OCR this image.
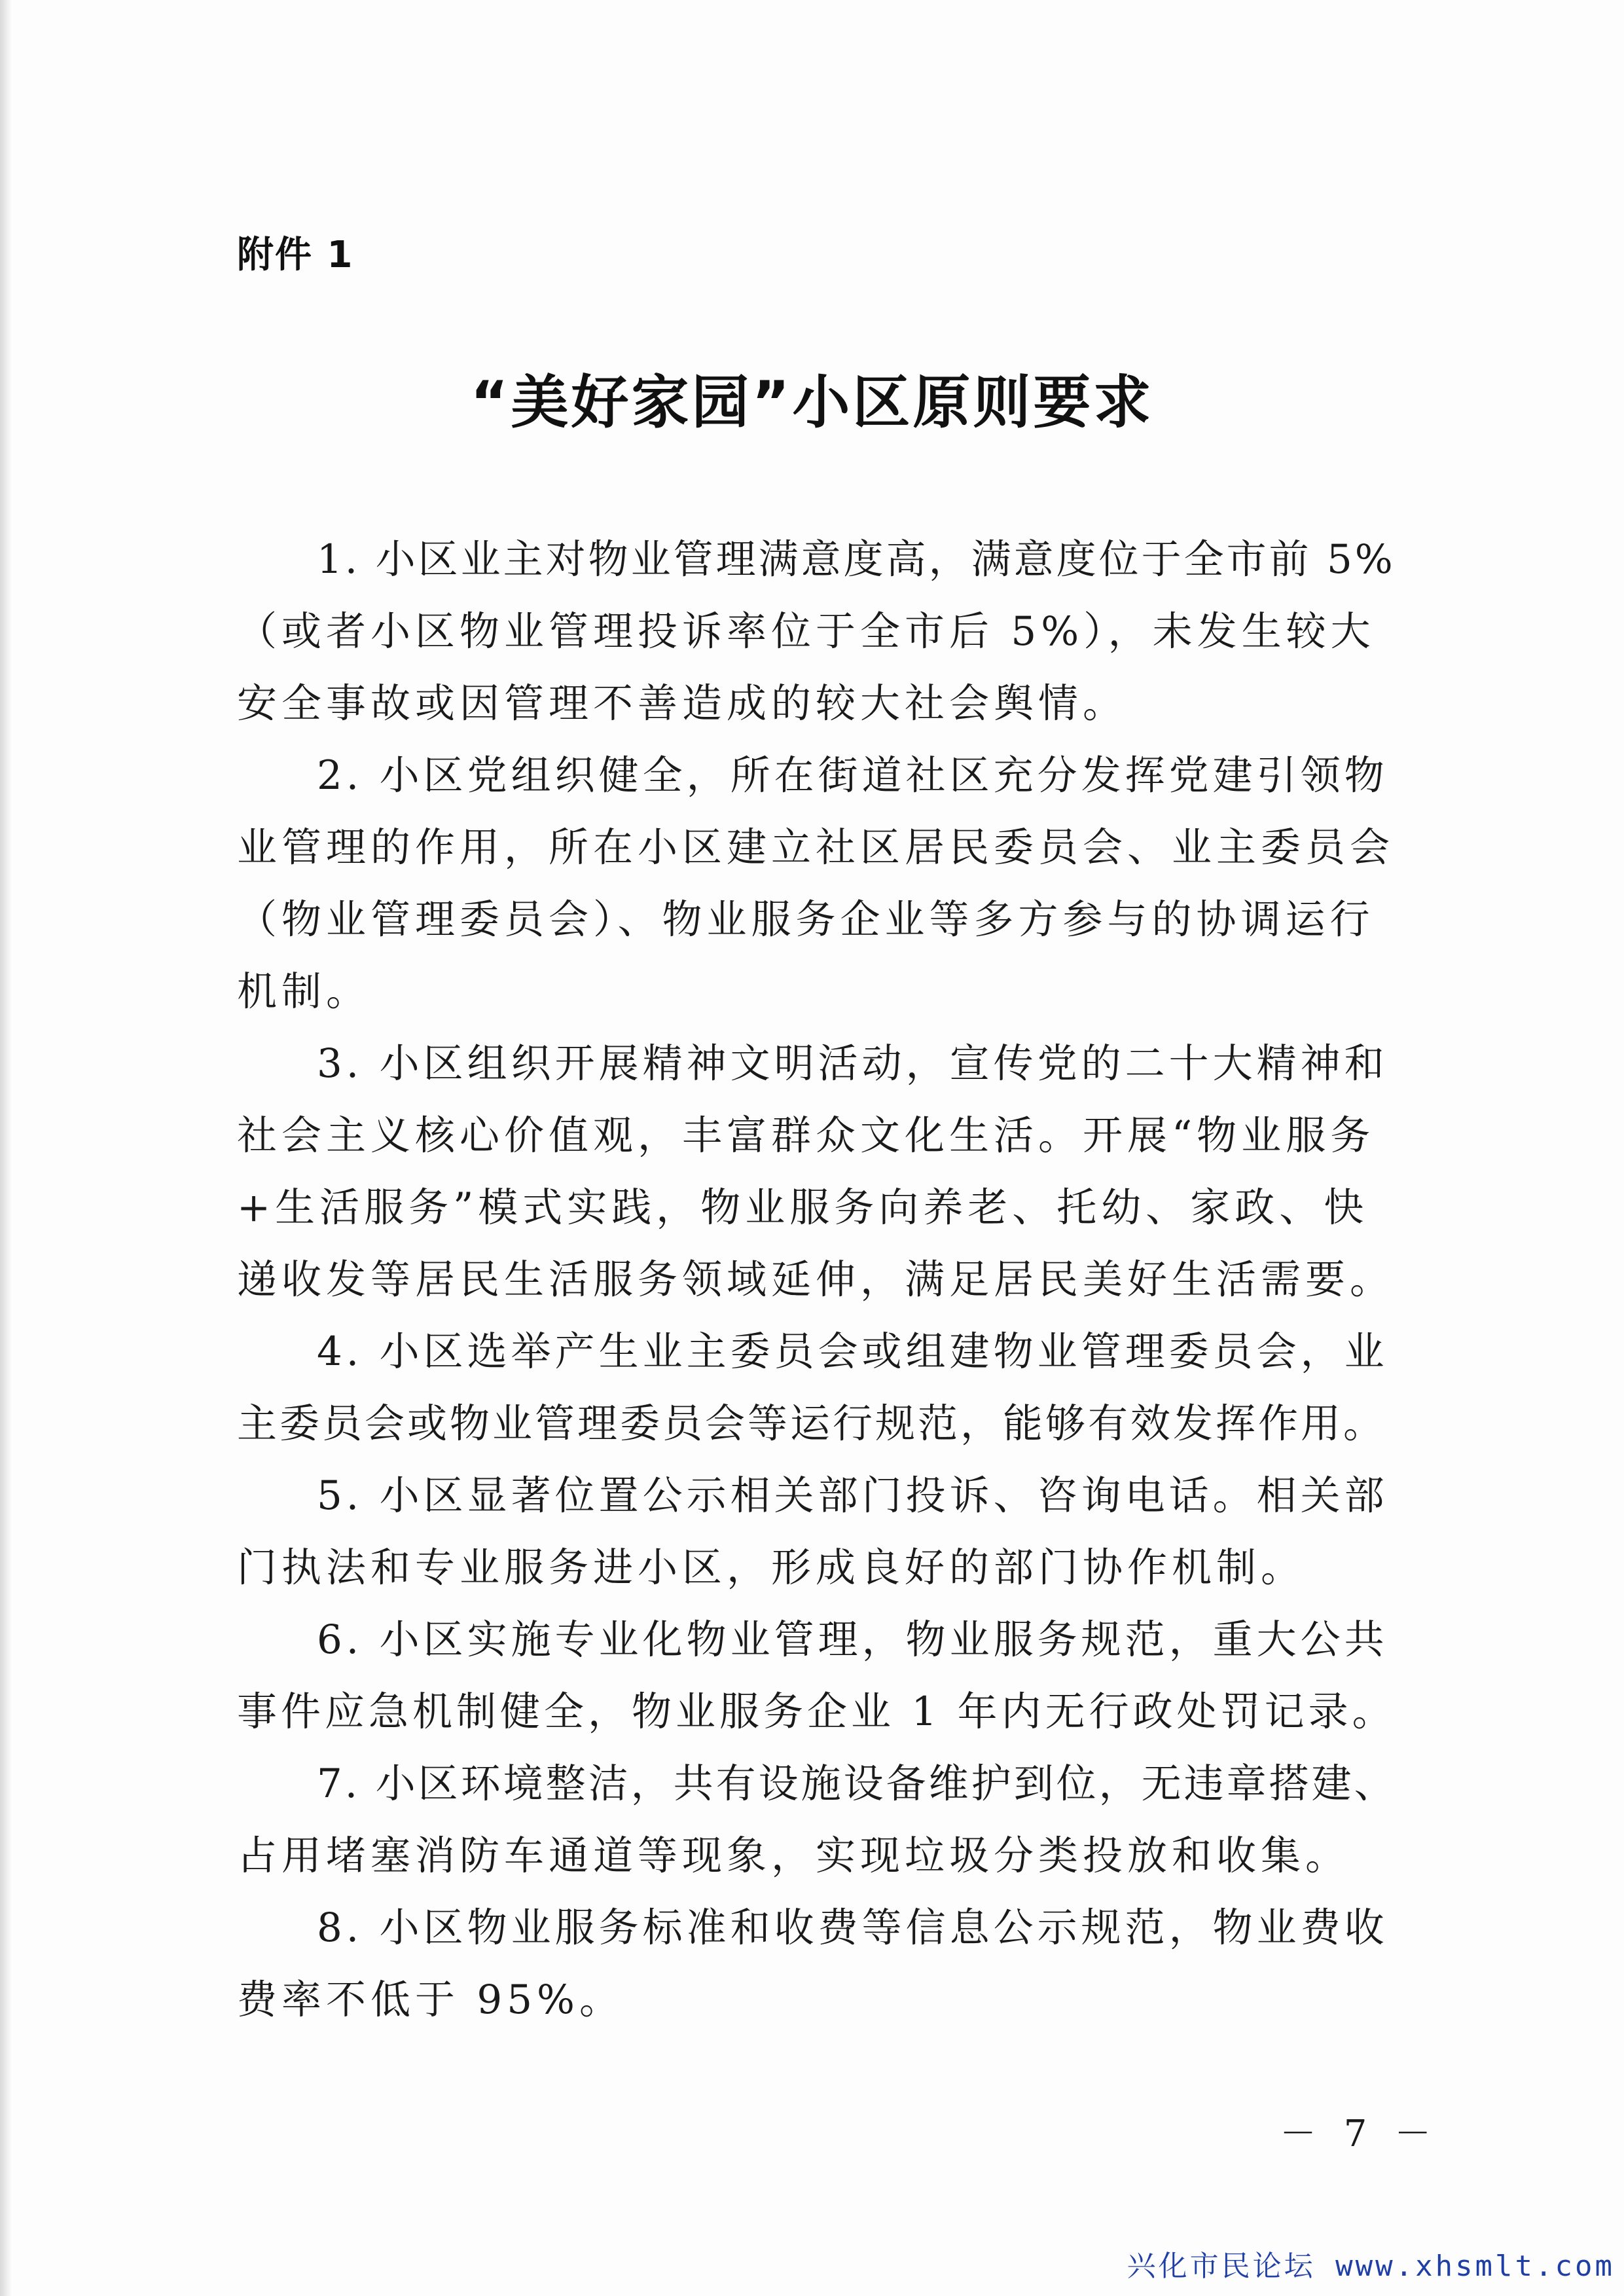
附件 1
“美好家园”小区原则要求
1. 小区业主对物业管理满意度高，满意度位于全市前 5%
（或者小区物业管理投诉率位于全市后 5%），未发生较大
安全事故或因管理不善造成的较大社会舆情。
2. 小区党组织健全，所在街道社区充分发挥党建引领物
业管理的作用，所在小区建立社区居民委员会、业主委员会
（物业管理委员会）、物业服务企业等多方参与的协调运行
机制。
3. 小区组织开展精神文明活动，宣传党的二十大精神和
社会主义核心价值观，丰富群众文化生活。开展“物业服务
+生活服务”模式实践，物业服务向养老、托幼、家政、快
递收发等居民生活服务领域延伸，满足居民美好生活需要。
4. 小区选举产生业主委员会或组建物业管理委员会，业
主委员会或物业管理委员会等运行规范，能够有效发挥作用。
5. 小区显著位置公示相关部门投诉、咨询电话。相关部
门执法和专业服务进小区，形成良好的部门协作机制。
6. 小区实施专业化物业管理，物业服务规范，重大公共
事件应急机制健全，物业服务企业 1 年内无行政处罚记录。
7. 小区环境整洁，共有设施设备维护到位，无违章搭建、
占用堵塞消防车通道等现象，实现垃圾分类投放和收集。
8. 小区物业服务标准和收费等信息公示规范，物业费收
费率不低于 95%。
－ 7 －
兴化市民论坛 www.xhsmlt.com
